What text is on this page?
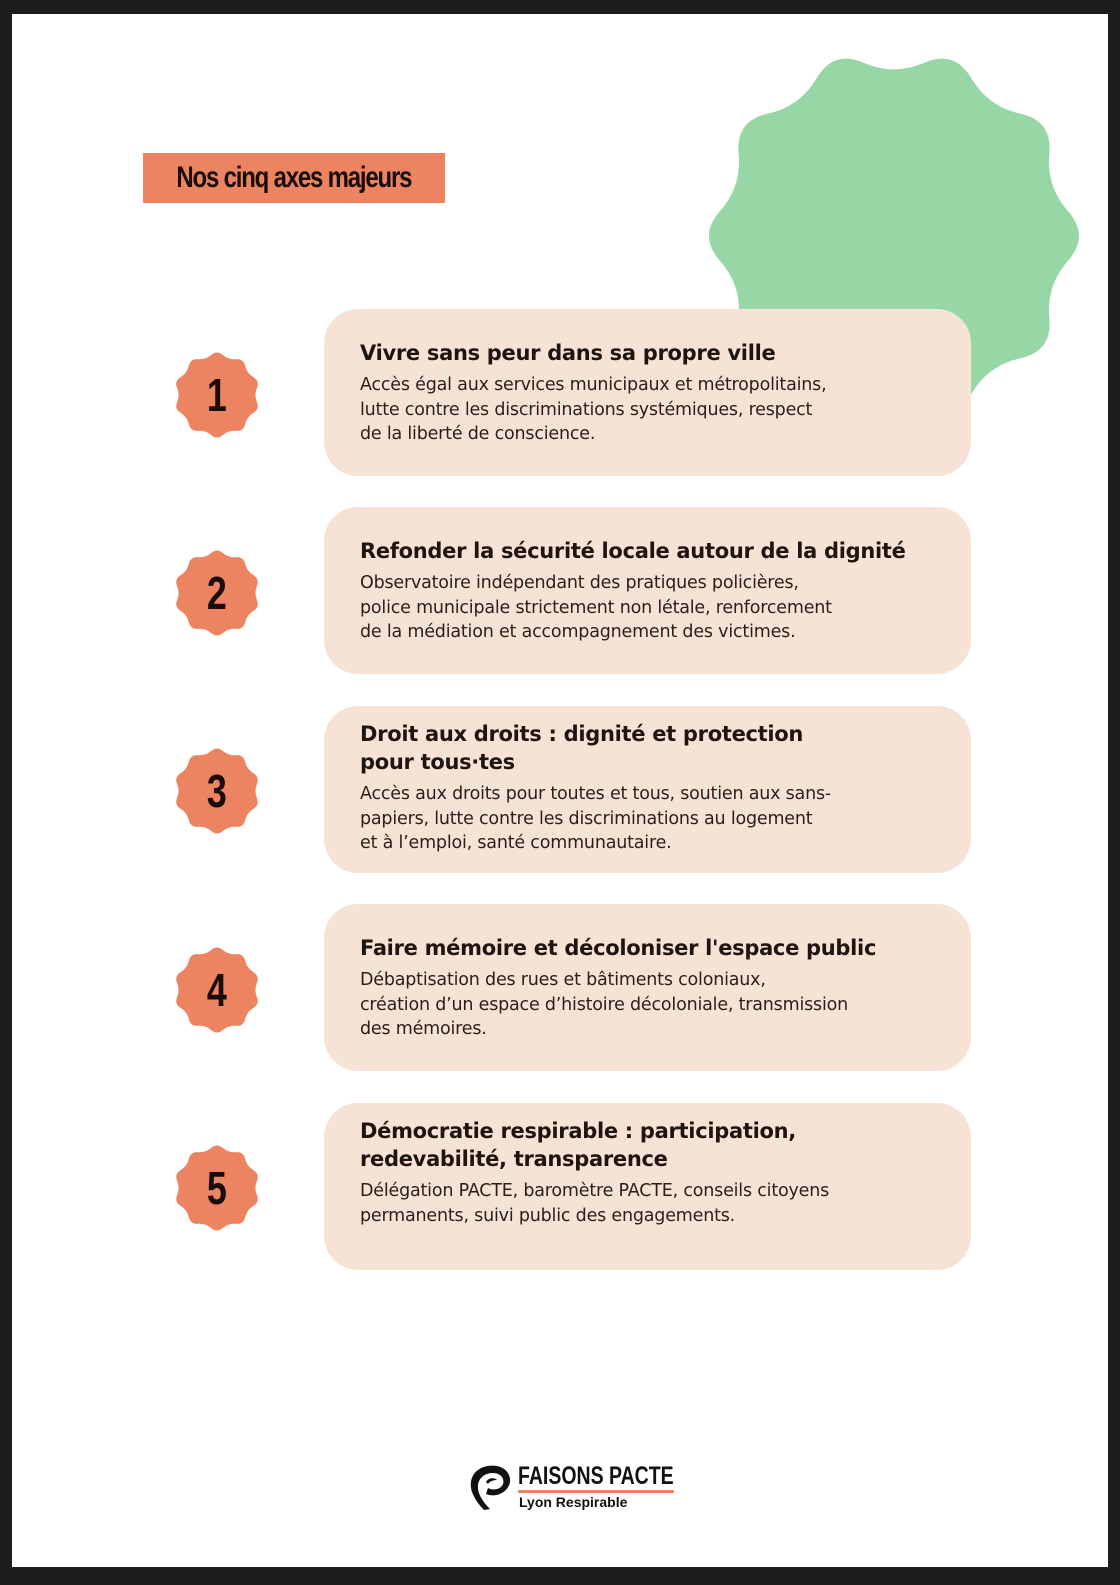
Nos cinq axes majeurs
1
Vivre sans peur dans sa propre ville
Accès égal aux services municipaux et métropolitains,
lutte contre les discriminations systémiques, respect
de la liberté de conscience.
2
Refonder la sécurité locale autour de la dignité
Observatoire indépendant des pratiques policières,
police municipale strictement non létale, renforcement
de la médiation et accompagnement des victimes.
3
Droit aux droits : dignité et protection
pour tous·tes
Accès aux droits pour toutes et tous, soutien aux sans-
papiers, lutte contre les discriminations au logement
et à l’emploi, santé communautaire.
4
Faire mémoire et décoloniser l'espace public
Débaptisation des rues et bâtiments coloniaux,
création d’un espace d’histoire décoloniale, transmission
des mémoires.
5
Démocratie respirable : participation,
redevabilité, transparence
Délégation PACTE, baromètre PACTE, conseils citoyens
permanents, suivi public des engagements.
FAISONS PACTE
Lyon Respirable
